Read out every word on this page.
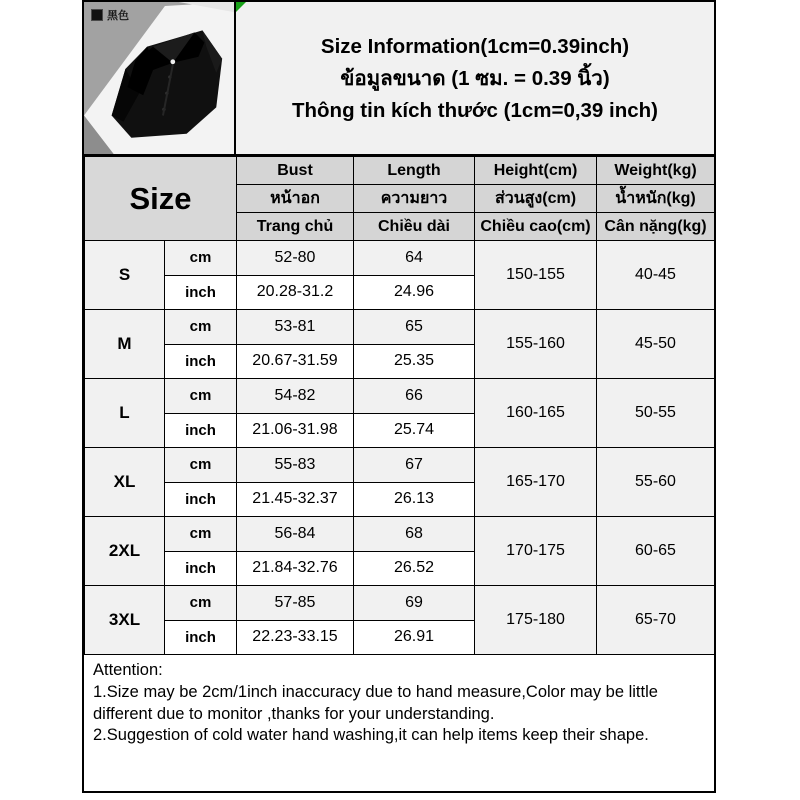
黑色
Size Information(1cm=0.39inch)
ข้อมูลขนาด (1 ซม. = 0.39 นิ้ว)
Thông tin kích thước (1cm=0,39 inch)
Size		Bust	Length	Height(cm)	Weight(kg)
		หน้าอก	ความยาว	ส่วนสูง(cm)	น้ำหนัก(kg)
		Trang chủ	Chiều dài	Chiều cao(cm)	Cân nặng(kg)
S	cm	52-80	64	150-155	40-45
	inch	20.28-31.2	24.96		
M	cm	53-81	65	155-160	45-50
	inch	20.67-31.59	25.35		
L	cm	54-82	66	160-165	50-55
	inch	21.06-31.98	25.74		
XL	cm	55-83	67	165-170	55-60
	inch	21.45-32.37	26.13		
2XL	cm	56-84	68	170-175	60-65
	inch	21.84-32.76	26.52		
3XL	cm	57-85	69	175-180	65-70
	inch	22.23-33.15	26.91		
Attention:
1.Size may be 2cm/1inch inaccuracy due to hand measure,Color may be little different due to monitor ,thanks for your understanding.
2.Suggestion of cold water hand washing,it can help items keep their shape.
